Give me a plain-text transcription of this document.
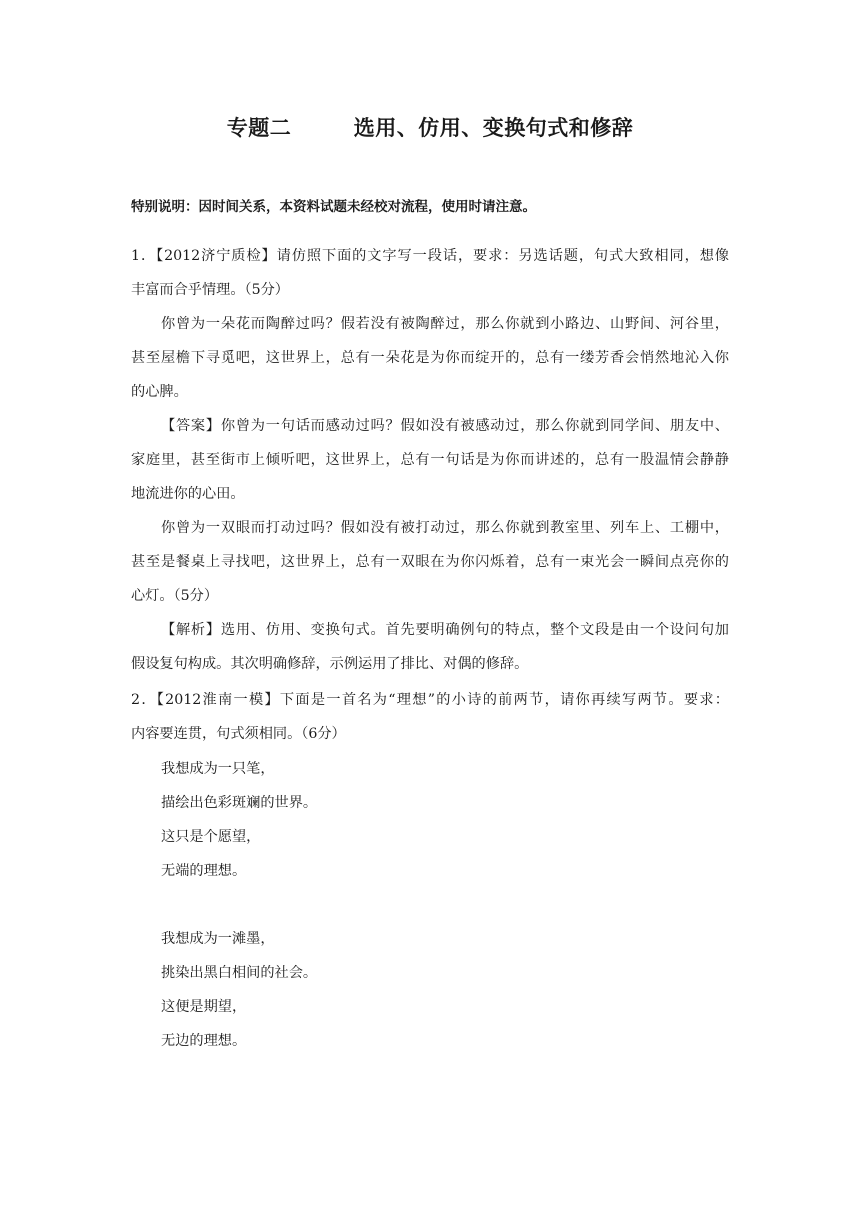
专题二        选用、仿用、变换句式和修辞
特别说明：因时间关系，本资料试题未经校对流程，使用时请注意。
1．【2012济宁质检】请仿照下面的文字写一段话，要求：另选话题，句式大致相同，想像
丰富而合乎情理。（5分）
你曾为一朵花而陶醉过吗？假若没有被陶醉过，那么你就到小路边、山野间、河谷里，
甚至屋檐下寻觅吧，这世界上，总有一朵花是为你而绽开的，总有一缕芳香会悄然地沁入你
的心脾。
【答案】你曾为一句话而感动过吗？假如没有被感动过，那么你就到同学间、朋友中、
家庭里，甚至街市上倾听吧，这世界上，总有一句话是为你而讲述的，总有一股温情会静静
地流进你的心田。
你曾为一双眼而打动过吗？假如没有被打动过，那么你就到教室里、列车上、工棚中，
甚至是餐桌上寻找吧，这世界上，总有一双眼在为你闪烁着，总有一束光会一瞬间点亮你的
心灯。（5分）
【解析】选用、仿用、变换句式。首先要明确例句的特点，整个文段是由一个设问句加
假设复句构成。其次明确修辞，示例运用了排比、对偶的修辞。
2．【2012淮南一模】下面是一首名为“理想”的小诗的前两节，请你再续写两节。要求：
内容要连贯，句式须相同。（6分）
我想成为一只笔，
描绘出色彩斑斓的世界。
这只是个愿望，
无端的理想。
我想成为一滩墨，
挑染出黑白相间的社会。
这便是期望，
无边的理想。
